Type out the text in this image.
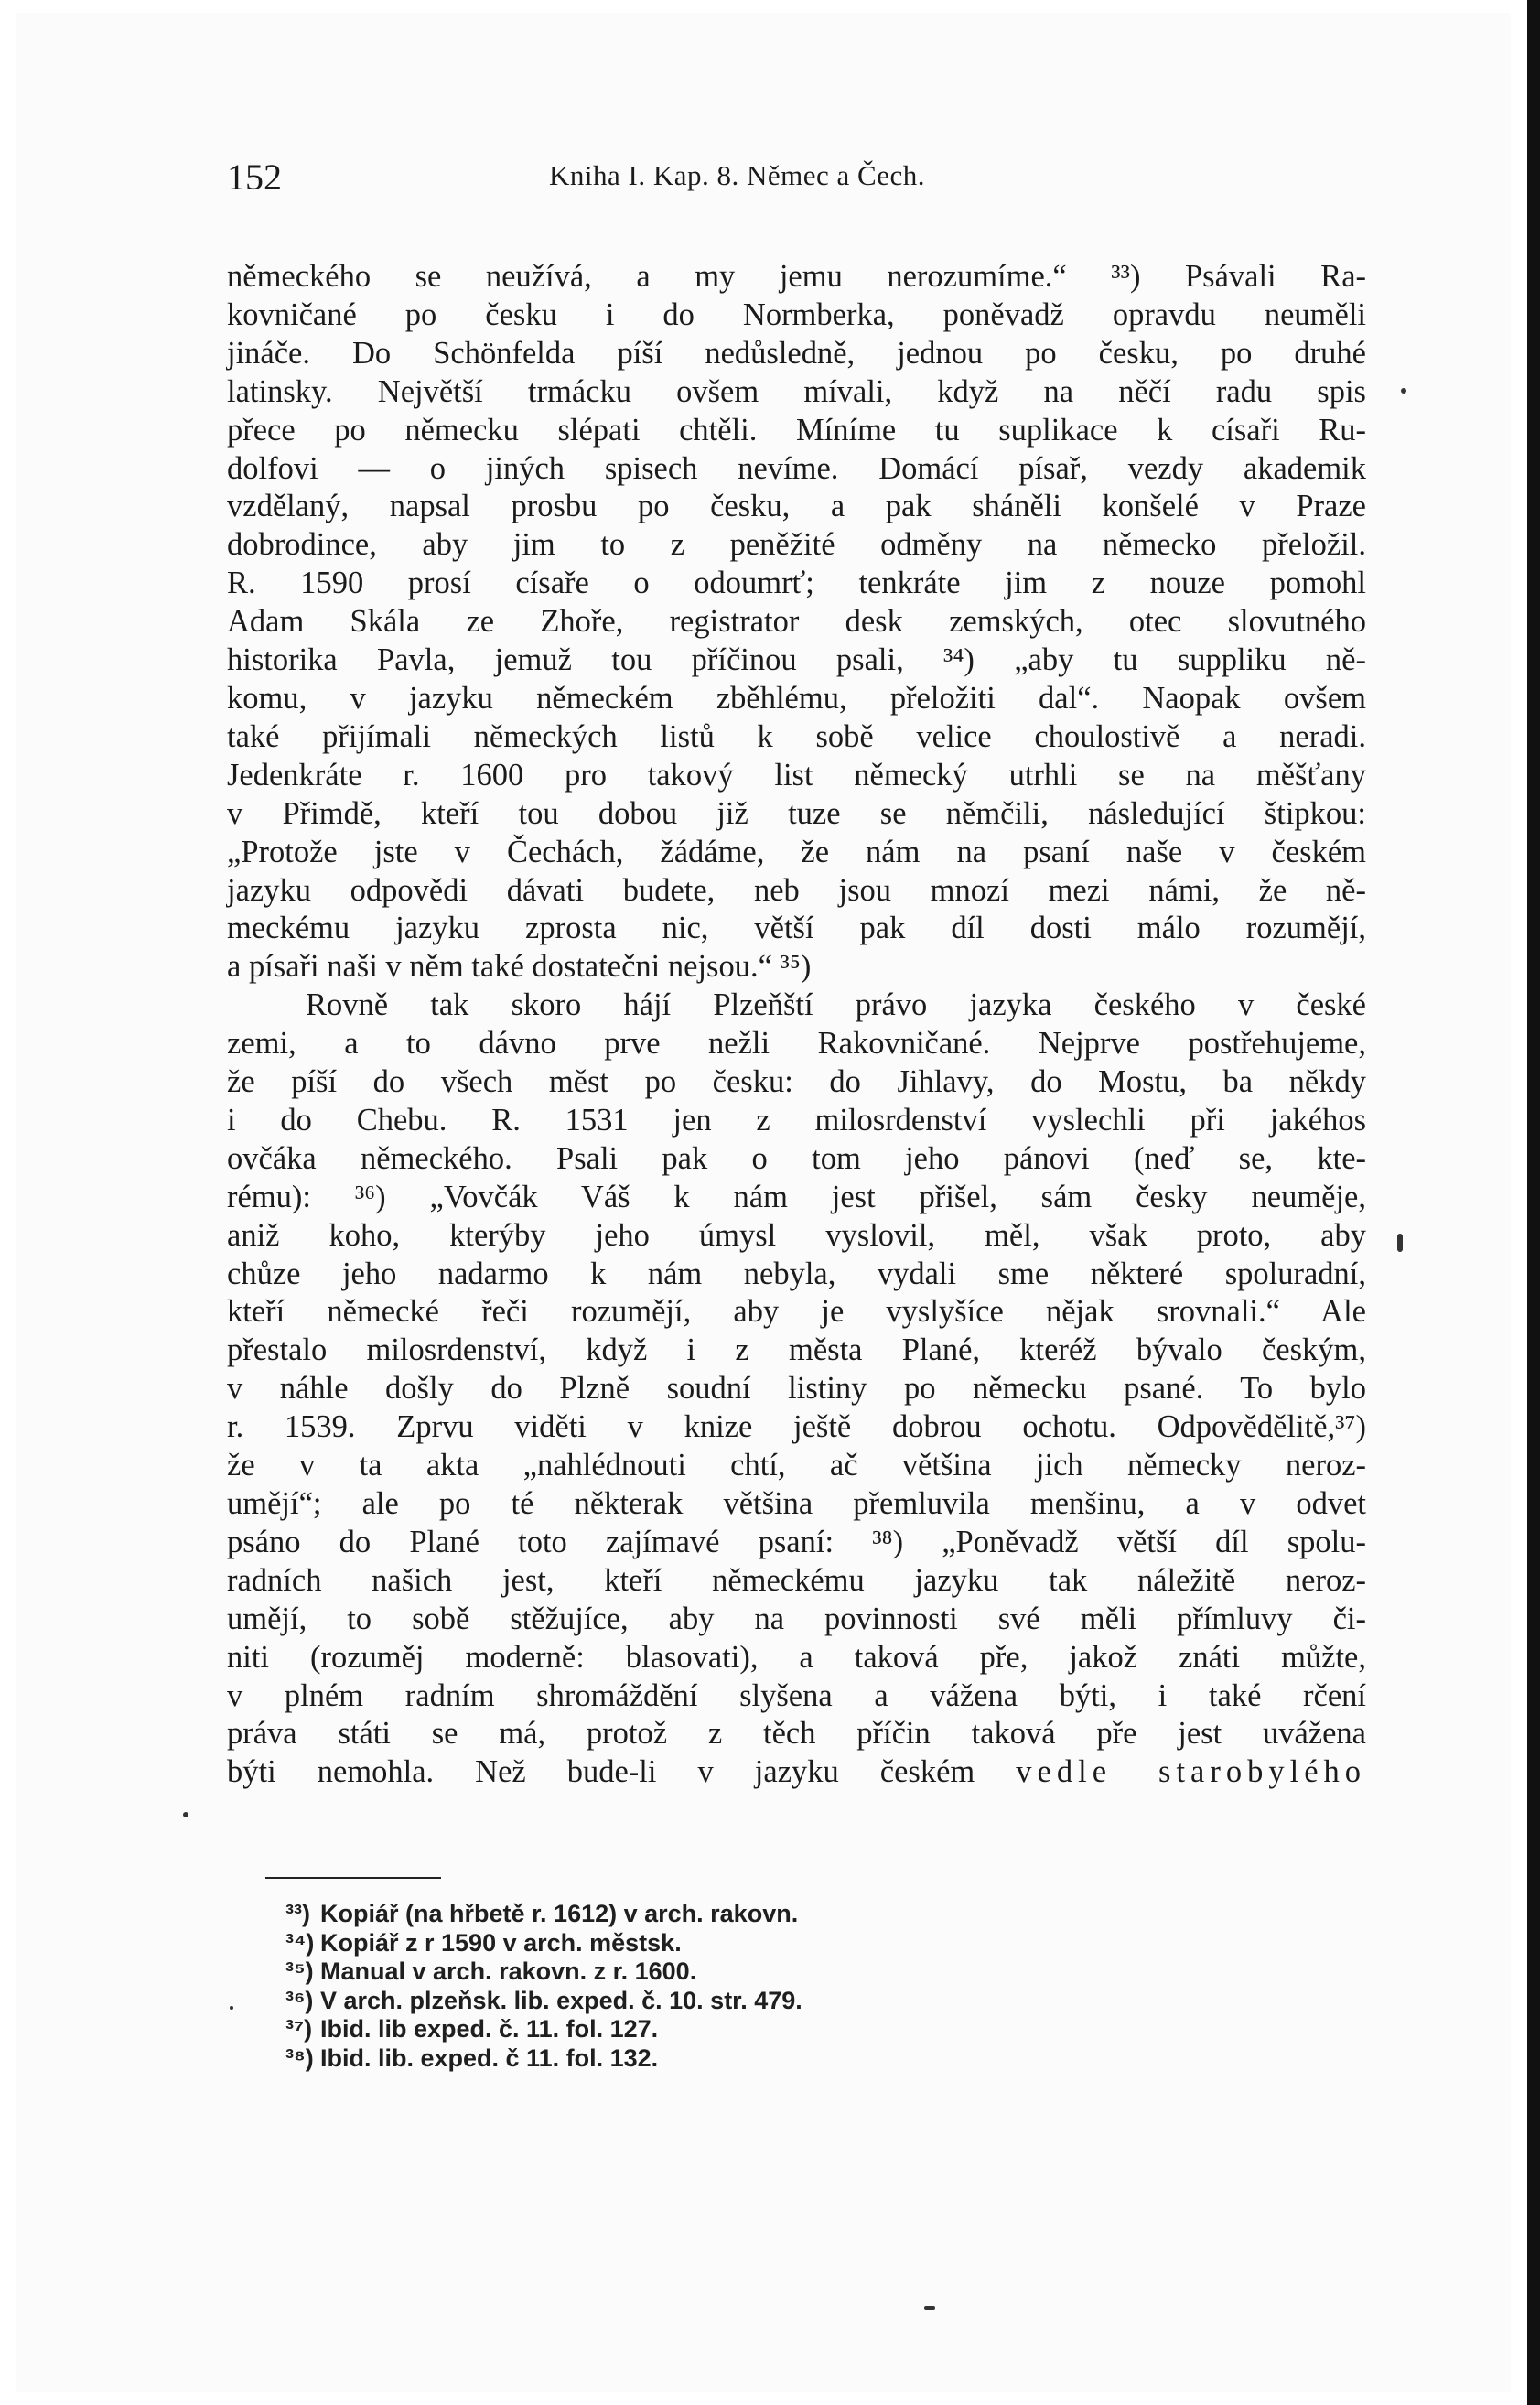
152	Kniha I. Kap. 8. Němec a Čech.
německého se neužívá, a my jemu nerozumíme.“ ³³) Psávali Ra-
kovničané po česku i do Normberka, poněvadž opravdu neuměli
jináče. Do Schönfelda píší nedůsledně, jednou po česku, po druhé
latinsky. Největší trmácku ovšem mívali, když na něčí radu spis
přece po německu slépati chtěli. Míníme tu suplikace k císaři Ru-
dolfovi — o jiných spisech nevíme. Domácí písař, vezdy akademik
vzdělaný, napsal prosbu po česku, a pak sháněli konšelé v Praze
dobrodince, aby jim to z peněžité odměny na německo přeložil.
R. 1590 prosí císaře o odoumrť; tenkráte jim z nouze pomohl
Adam Skála ze Zhoře, registrator desk zemských, otec slovutného
historika Pavla, jemuž tou příčinou psali, ³⁴) „aby tu suppliku ně-
komu, v jazyku německém zběhlému, přeložiti dal“. Naopak ovšem
také přijímali německých listů k sobě velice choulostivě a neradi.
Jedenkráte r. 1600 pro takový list německý utrhli se na měšťany
v Přimdě, kteří tou dobou již tuze se němčili, následující štipkou:
„Protože jste v Čechách, žádáme, že nám na psaní naše v českém
jazyku odpovědi dávati budete, neb jsou mnozí mezi námi, že ně-
meckému jazyku zprosta nic, větší pak díl dosti málo rozumějí,
a písaři naši v něm také dostatečni nejsou.“ ³⁵)
Rovně tak skoro hájí Plzeňští právo jazyka českého v české
zemi, a to dávno prve nežli Rakovničané. Nejprve postřehujeme,
že píší do všech měst po česku: do Jihlavy, do Mostu, ba někdy
i do Chebu. R. 1531 jen z milosrdenství vyslechli při jakéhos
ovčáka německého. Psali pak o tom jeho pánovi (neď se, kte-
rému): ³⁶) „Vovčák Váš k nám jest přišel, sám česky neuměje,
aniž koho, kterýby jeho úmysl vyslovil, měl, však proto, aby
chůze jeho nadarmo k nám nebyla, vydali sme některé spoluradní,
kteří německé řeči rozumějí, aby je vyslyšíce nějak srovnali.“ Ale
přestalo milosrdenství, když i z města Plané, kteréž bývalo českým,
v náhle došly do Plzně soudní listiny po německu psané. To bylo
r. 1539. Zprvu viděti v knize ještě dobrou ochotu. Odpovědělitě,³⁷)
že v ta akta „nahlédnouti chtí, ač většina jich německy neroz-
umějí“; ale po té některak většina přemluvila menšinu, a v odvet
psáno do Plané toto zajímavé psaní: ³⁸) „Poněvadž větší díl spolu-
radních našich jest, kteří německému jazyku tak náležitě neroz-
umějí, to sobě stěžujíce, aby na povinnosti své měli přímluvy či-
niti (rozuměj moderně: blasovati), a taková pře, jakož znáti můžte,
v plném radním shromáždění slyšena a vážena býti, i také rčení
práva státi se má, protož z těch příčin taková pře jest uvážena
býti nemohla. Než bude-li v jazyku českém vedle starobylého
³³) Kopiář (na hřbetě r. 1612) v arch. rakovn.
³⁴) Kopiář z r 1590 v arch. městsk.
³⁵) Manual v arch. rakovn. z r. 1600.
³⁶) V arch. plzeňsk. lib. exped. č. 10. str. 479.
³⁷) Ibid. lib exped. č. 11. fol. 127.
³⁸) Ibid. lib. exped. č 11. fol. 132.
